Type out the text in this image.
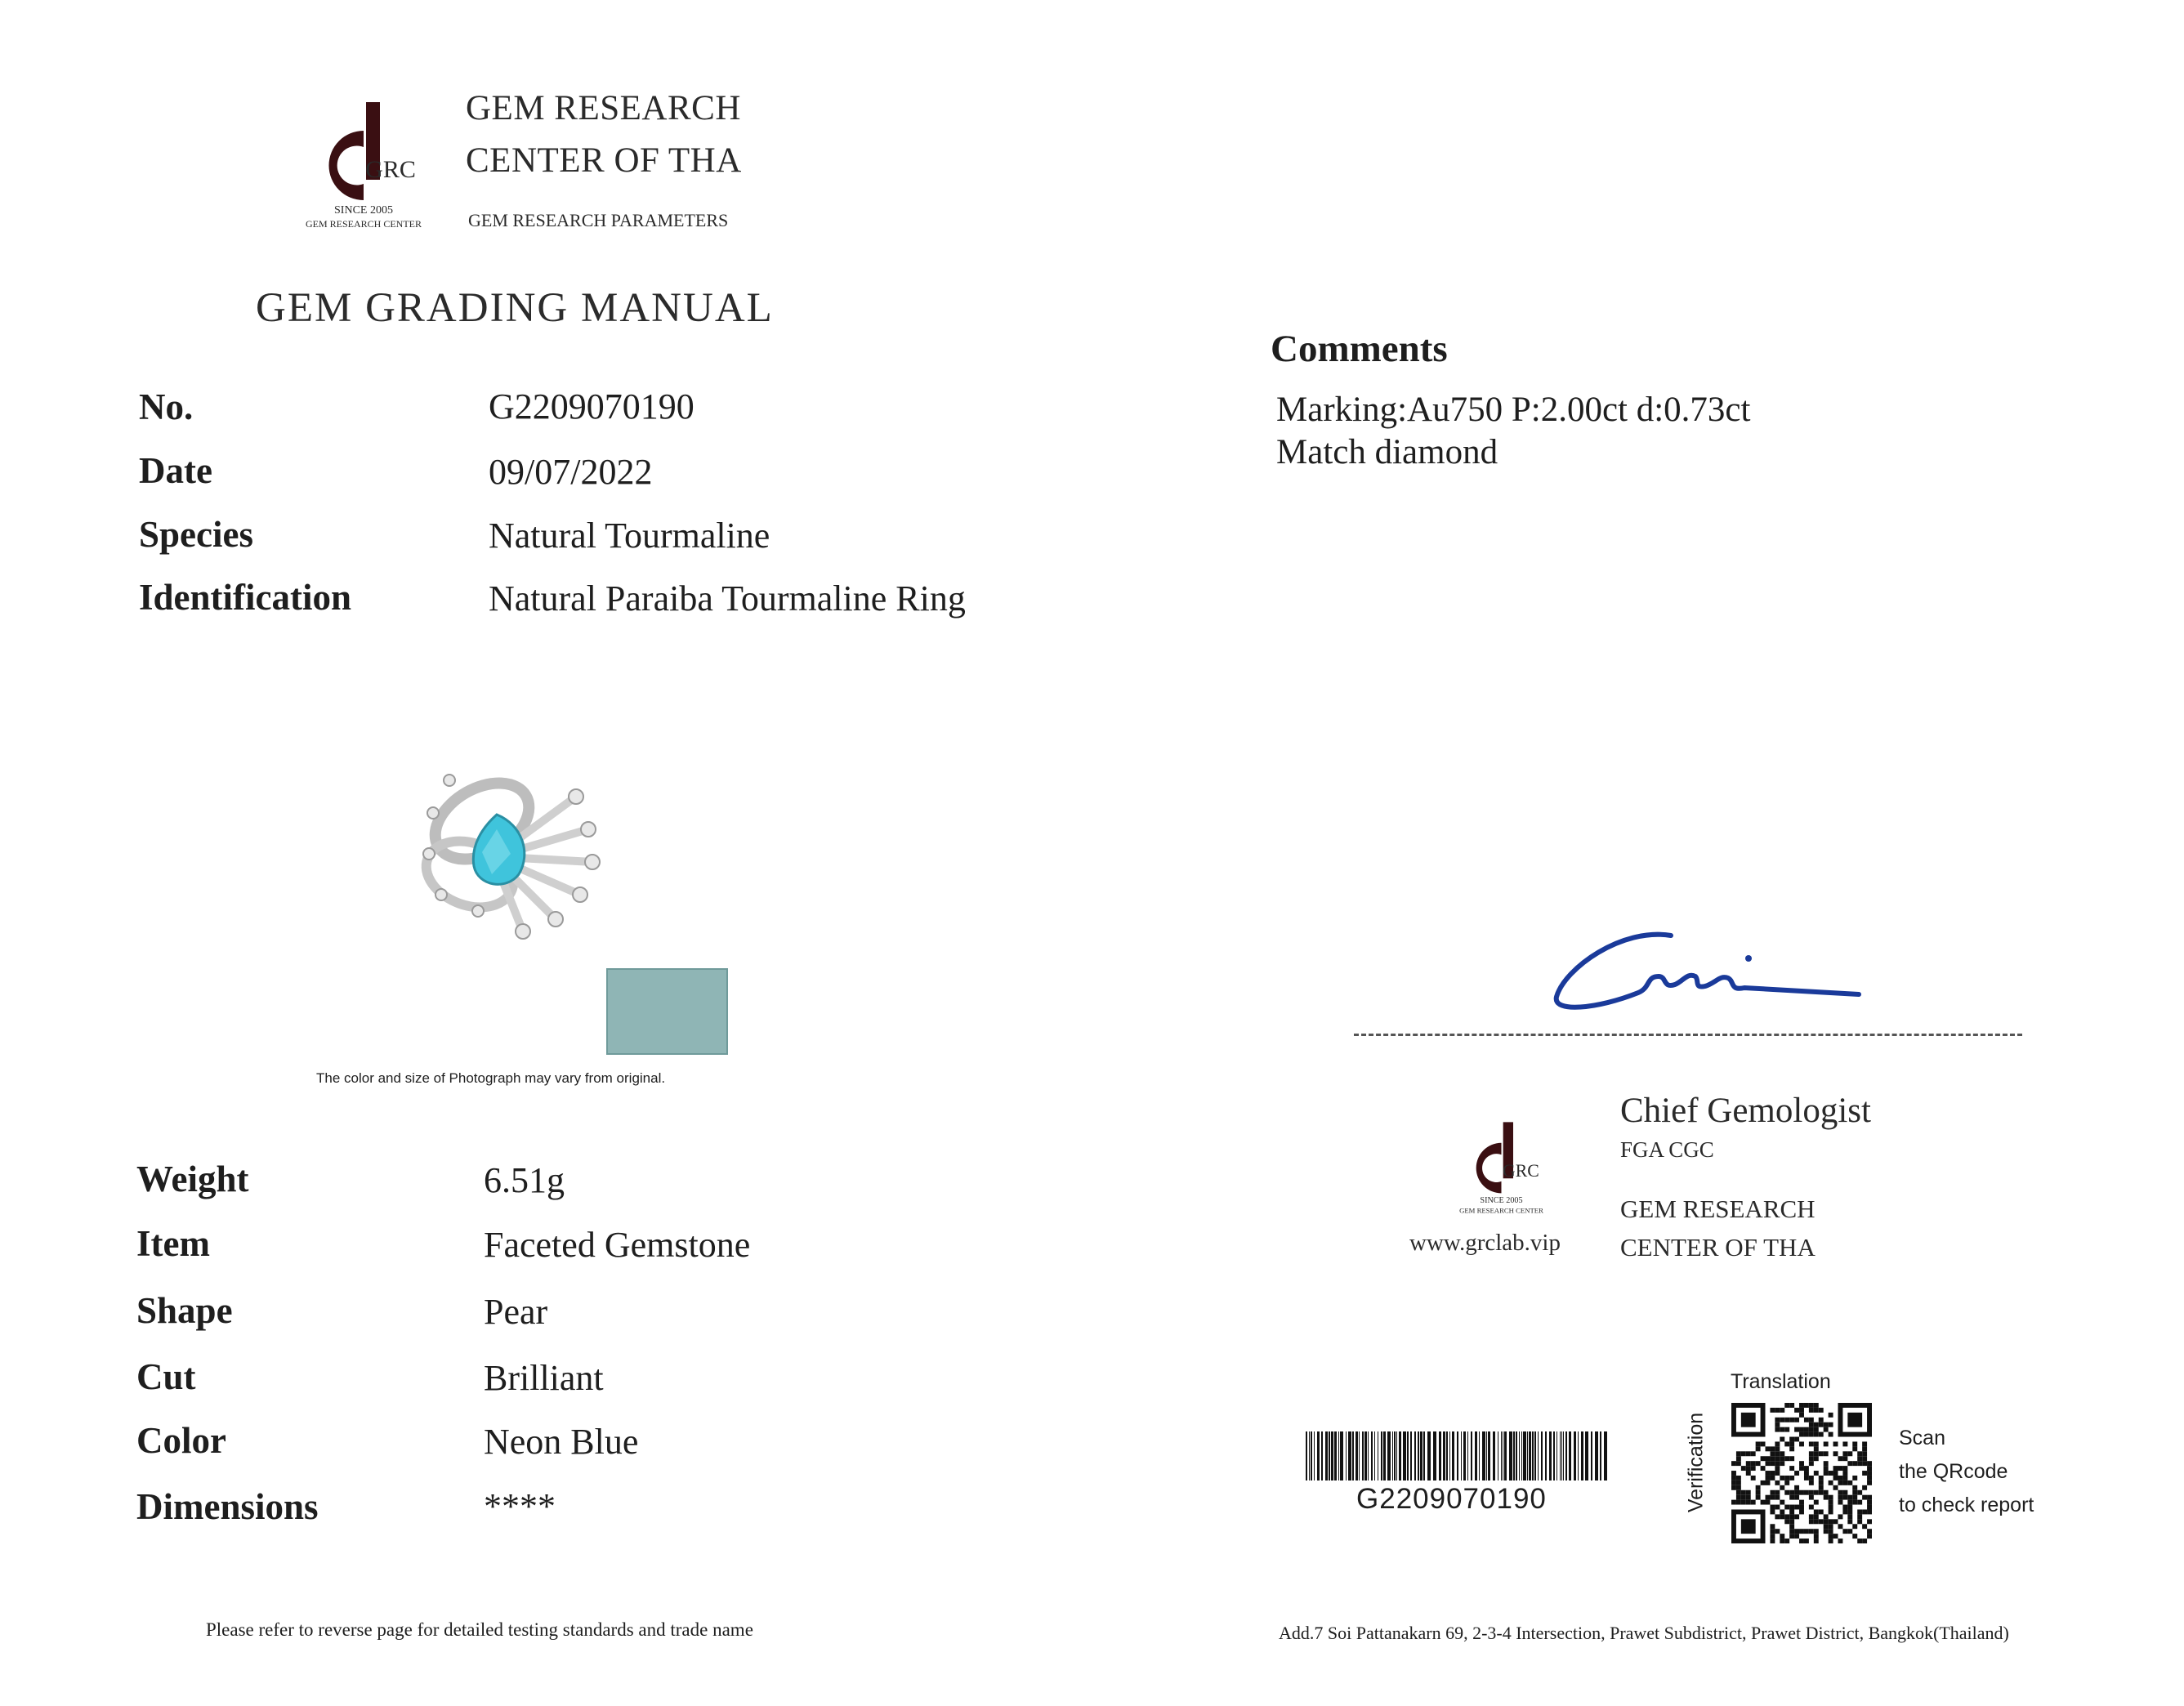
GRC
SINCE 2005
GEM RESEARCH CENTER
GEM RESEARCH
CENTER OF THA
GEM RESEARCH PARAMETERS
GEM GRADING MANUAL
No.	G2209070190
Date	09/07/2022
Species	Natural Tourmaline
Identification	Natural Paraiba Tourmaline Ring
The color and size of Photograph may vary from original.
Weight	6.51g
Item	Faceted Gemstone
Shape	Pear
Cut	Brilliant
Color	Neon Blue
Dimensions	****
Comments
Marking:Au750 P:2.00ct d:0.73ct
Match diamond
GRC
SINCE 2005
GEM RESEARCH CENTER
www.grclab.vip
Chief Gemologist
FGA CGC
GEM RESEARCH
CENTER OF THA
G2209070190
Translation
Verification	Scan
the QRcode
to check report
Please refer to reverse page for detailed testing standards and trade name	Add.7 Soi Pattanakarn 69, 2-3-4 Intersection, Prawet Subdistrict, Prawet District, Bangkok(Thailand)
